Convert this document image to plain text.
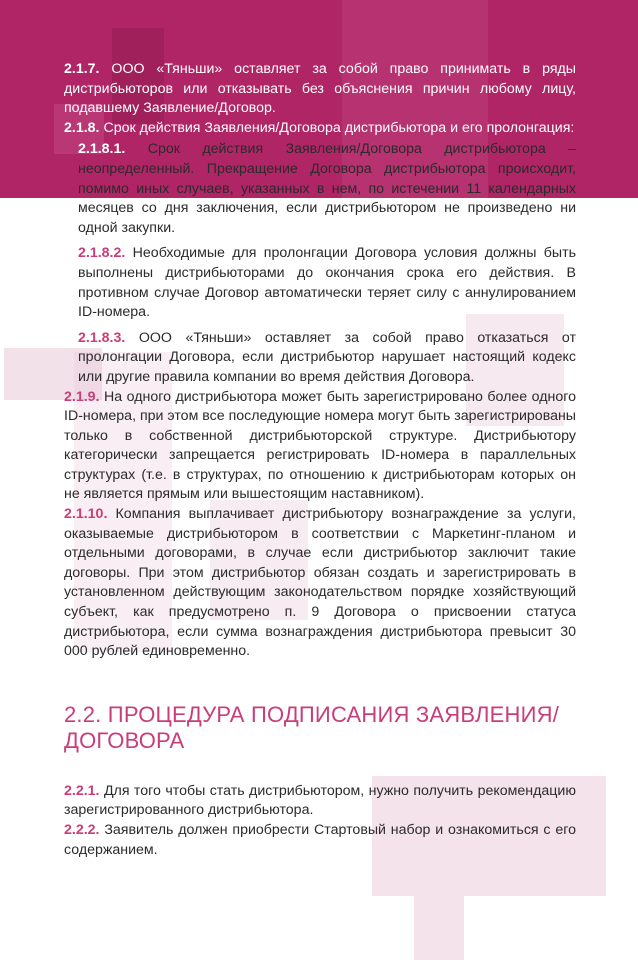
2.1.7. ООО «Тяньши» оставляет за собой право принимать в ряды дистрибьюторов или отказывать без объяснения причин любому лицу, подавшему Заявление/Договор.

2.1.8. Срок действия Заявления/Договора дистрибьютора и его пролонгация:

2.1.8.1. Срок действия Заявления/Договора дистрибьютора – неопределенный. Прекращение Договора дистрибьютора происходит, помимо иных случаев, указанных в нем, по истечении 11 календарных месяцев со дня заключения, если дистрибьютором не произведено ни одной закупки.

2.1.8.2. Необходимые для пролонгации Договора условия должны быть выполнены дистрибьюторами до окончания срока его действия. В противном случае Договор автоматически теряет силу с аннулированием ID-номера.

2.1.8.3. ООО «Тяньши» оставляет за собой право отказаться от пролонгации Договора, если дистрибьютор нарушает настоящий кодекс или другие правила компании во время действия Договора.

2.1.9. На одного дистрибьютора может быть зарегистрировано более одного ID-номера, при этом все последующие номера могут быть зарегистрированы только в собственной дистрибьюторской структуре. Дистрибьютору категорически запрещается регистрировать ID-номера в параллельных структурах (т.е. в структурах, по отношению к дистрибьюторам которых он не является прямым или вышестоящим наставником).

2.1.10. Компания выплачивает дистрибьютору вознаграждение за услуги, оказываемые дистрибьютором в соответствии с Маркетинг-планом и отдельными договорами, в случае если дистрибьютор заключит такие договоры. При этом дистрибьютор обязан создать и зарегистрировать в установленном действующим законодательством порядке хозяйствующий субъект, как предусмотрено п. 9 Договора о присвоении статуса дистрибьютора, если сумма вознаграждения дистрибьютора превысит 30 000 рублей единовременно.

2.2. ПРОЦЕДУРА ПОДПИСАНИЯ ЗАЯВЛЕНИЯ/ ДОГОВОРА

2.2.1. Для того чтобы стать дистрибьютором, нужно получить рекомендацию зарегистрированного дистрибьютора.

2.2.2. Заявитель должен приобрести Стартовый набор и ознакомиться с его содержанием.
